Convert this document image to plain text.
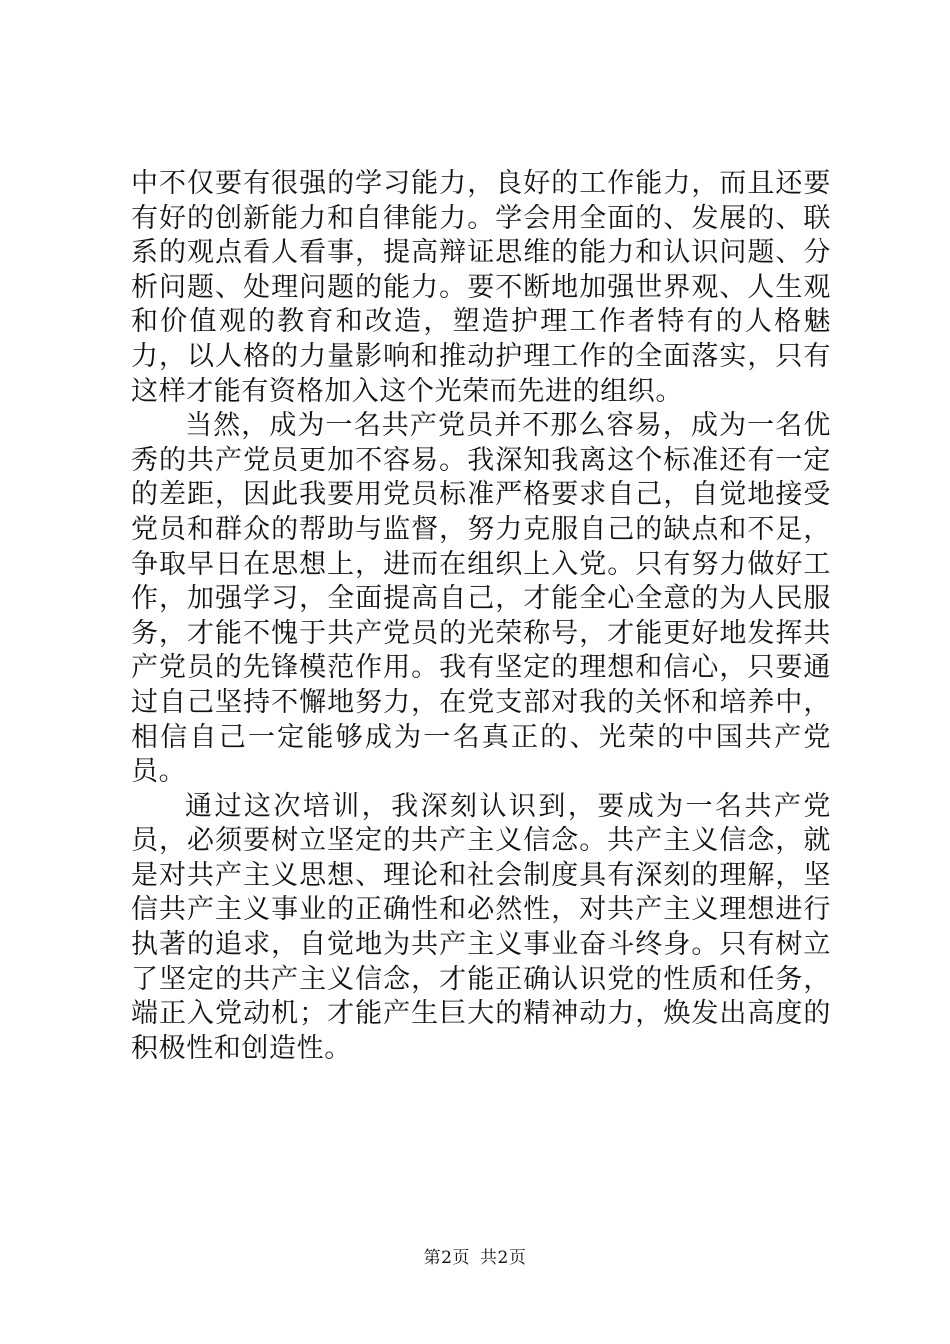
中不仅要有很强的学习能力，良好的工作能力，而且还要有好的创新能力和自律能力。学会用全面的、发展的、联系的观点看人看事，提高辩证思维的能力和认识问题、分析问题、处理问题的能力。要不断地加强世界观、人生观和价值观的教育和改造，塑造护理工作者特有的人格魅力，以人格的力量影响和推动护理工作的全面落实，只有这样才能有资格加入这个光荣而先进的组织。

当然，成为一名共产党员并不那么容易，成为一名优秀的共产党员更加不容易。我深知我离这个标准还有一定的差距，因此我要用党员标准严格要求自己，自觉地接受党员和群众的帮助与监督，努力克服自己的缺点和不足，争取早日在思想上，进而在组织上入党。只有努力做好工作，加强学习，全面提高自己，才能全心全意的为人民服务，才能不愧于共产党员的光荣称号，才能更好地发挥共产党员的先锋模范作用。我有坚定的理想和信心，只要通过自己坚持不懈地努力，在党支部对我的关怀和培养中，相信自己一定能够成为一名真正的、光荣的中国共产党员。

通过这次培训，我深刻认识到，要成为一名共产党员，必须要树立坚定的共产主义信念。共产主义信念，就是对共产主义思想、理论和社会制度具有深刻的理解，坚信共产主义事业的正确性和必然性，对共产主义理想进行执著的追求，自觉地为共产主义事业奋斗终身。只有树立了坚定的共产主义信念，才能正确认识党的性质和任务，端正入党动机；才能产生巨大的精神动力，焕发出高度的积极性和创造性。

第2页 共2页
